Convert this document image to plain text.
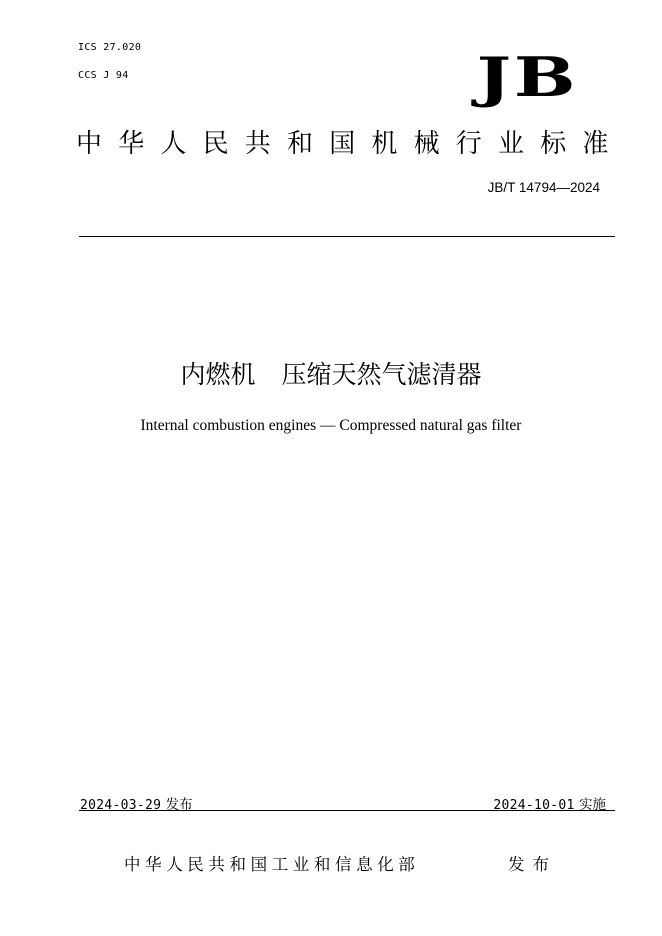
ICS 27.020
CCS J 94	JB
中华人民共和国机械行业标准
JB/T 14794—2024
内燃机 压缩天然气滤清器
Internal combustion engines — Compressed natural gas filter
2024-03-29 发布	2024-10-01 实施
中华人民共和国工业和信息化部	发布
